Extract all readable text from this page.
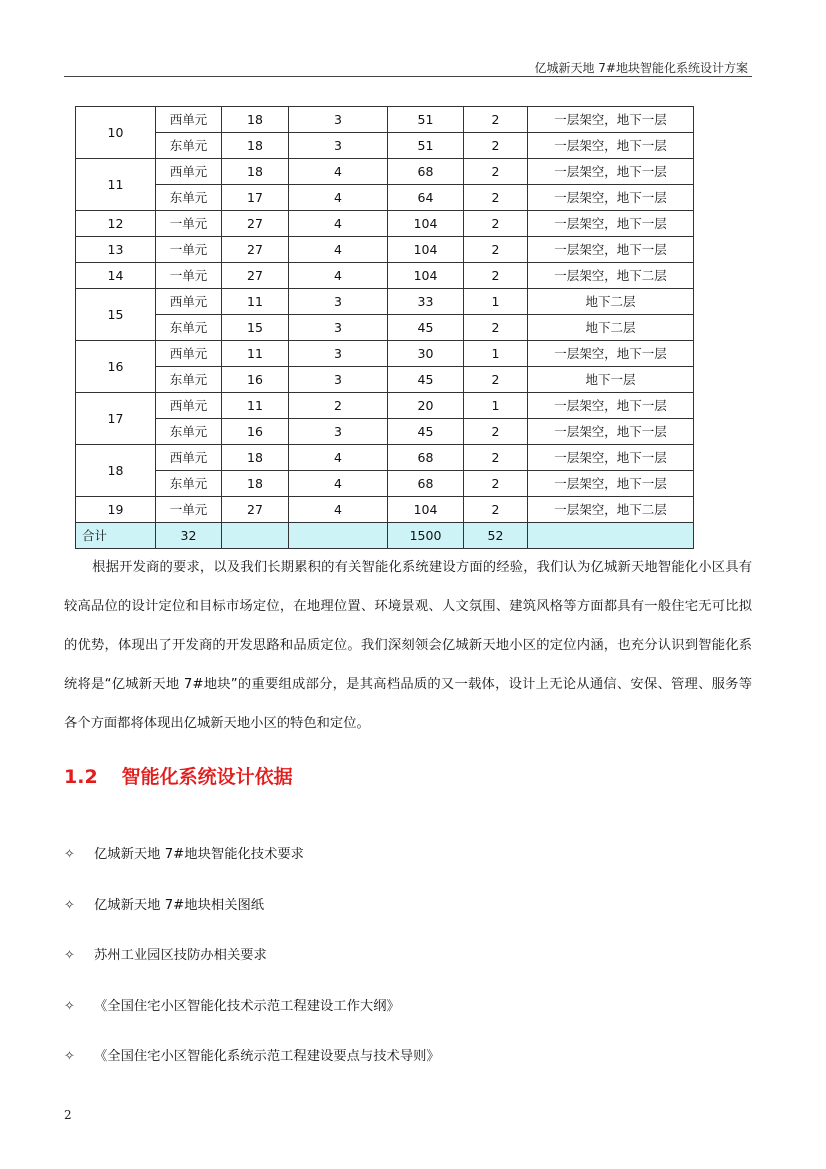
亿城新天地 7#地块智能化系统设计方案
10	西单元	18	3	51	2	一层架空，地下一层
	东单元	18	3	51	2	一层架空，地下一层
11	西单元	18	4	68	2	一层架空，地下一层
	东单元	17	4	64	2	一层架空，地下一层
12	一单元	27	4	104	2	一层架空，地下一层
13	一单元	27	4	104	2	一层架空，地下一层
14	一单元	27	4	104	2	一层架空，地下二层
15	西单元	11	3	33	1	地下二层
	东单元	15	3	45	2	地下二层
16	西单元	11	3	30	1	一层架空，地下一层
	东单元	16	3	45	2	地下一层
17	西单元	11	2	20	1	一层架空，地下一层
	东单元	16	3	45	2	一层架空，地下一层
18	西单元	18	4	68	2	一层架空，地下一层
	东单元	18	4	68	2	一层架空，地下一层
19	一单元	27	4	104	2	一层架空，地下二层
合计	32			1500	52	
根据开发商的要求，以及我们长期累积的有关智能化系统建设方面的经验，我们认为亿城新天地智能化小区具有较高品位的设计定位和目标市场定位，在地理位置、环境景观、人文氛围、建筑风格等方面都具有一般住宅无可比拟的优势，体现出了开发商的开发思路和品质定位。我们深刻领会亿城新天地小区的定位内涵，也充分认识到智能化系统将是“亿城新天地 7#地块”的重要组成部分，是其高档品质的又一载体，设计上无论从通信、安保、管理、服务等各个方面都将体现出亿城新天地小区的特色和定位。
1.2 智能化系统设计依据
✧ 亿城新天地 7#地块智能化技术要求
✧ 亿城新天地 7#地块相关图纸
✧ 苏州工业园区技防办相关要求
✧ 《全国住宅小区智能化技术示范工程建设工作大纲》
✧ 《全国住宅小区智能化系统示范工程建设要点与技术导则》
2
